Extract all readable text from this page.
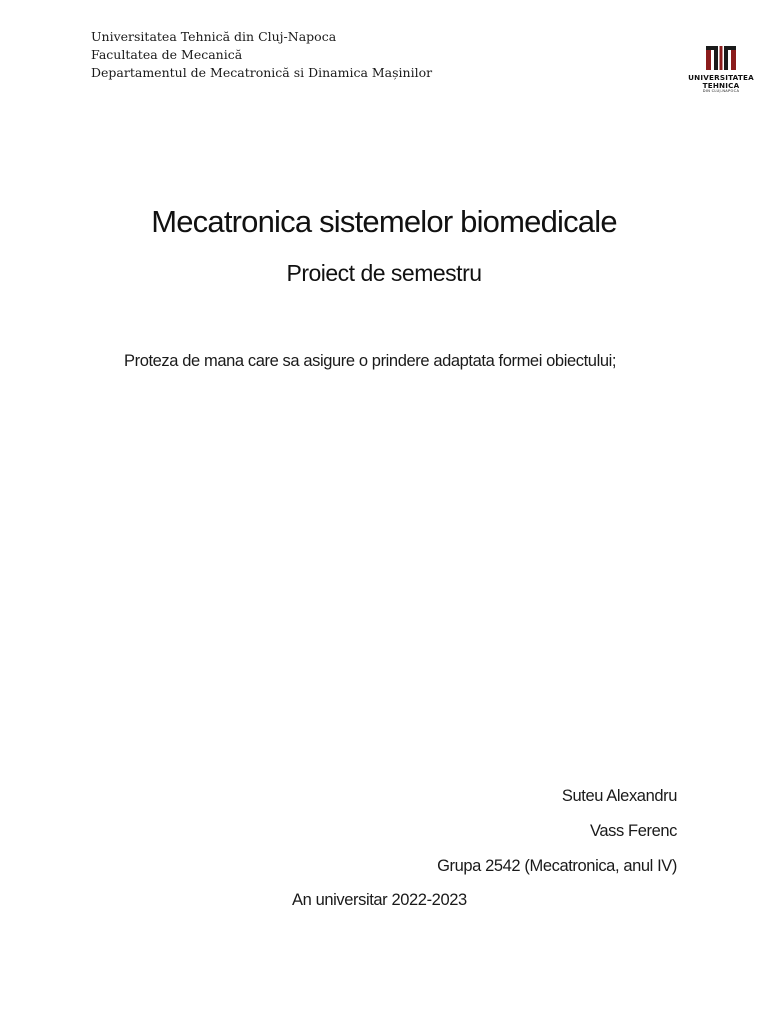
Universitatea Tehnică din Cluj-Napoca
Facultatea de Mecanică
Departamentul de Mecatronică si Dinamica Mașinilor	UNIVERSITATEA
TEHNICA
DIN CLUJ-NAPOCA
Mecatronica sistemelor biomedicale
Proiect de semestru
Proteza de mana care sa asigure o prindere adaptata formei obiectului;
Suteu Alexandru
Vass Ferenc
Grupa 2542 (Mecatronica, anul IV)
An universitar 2022-2023
